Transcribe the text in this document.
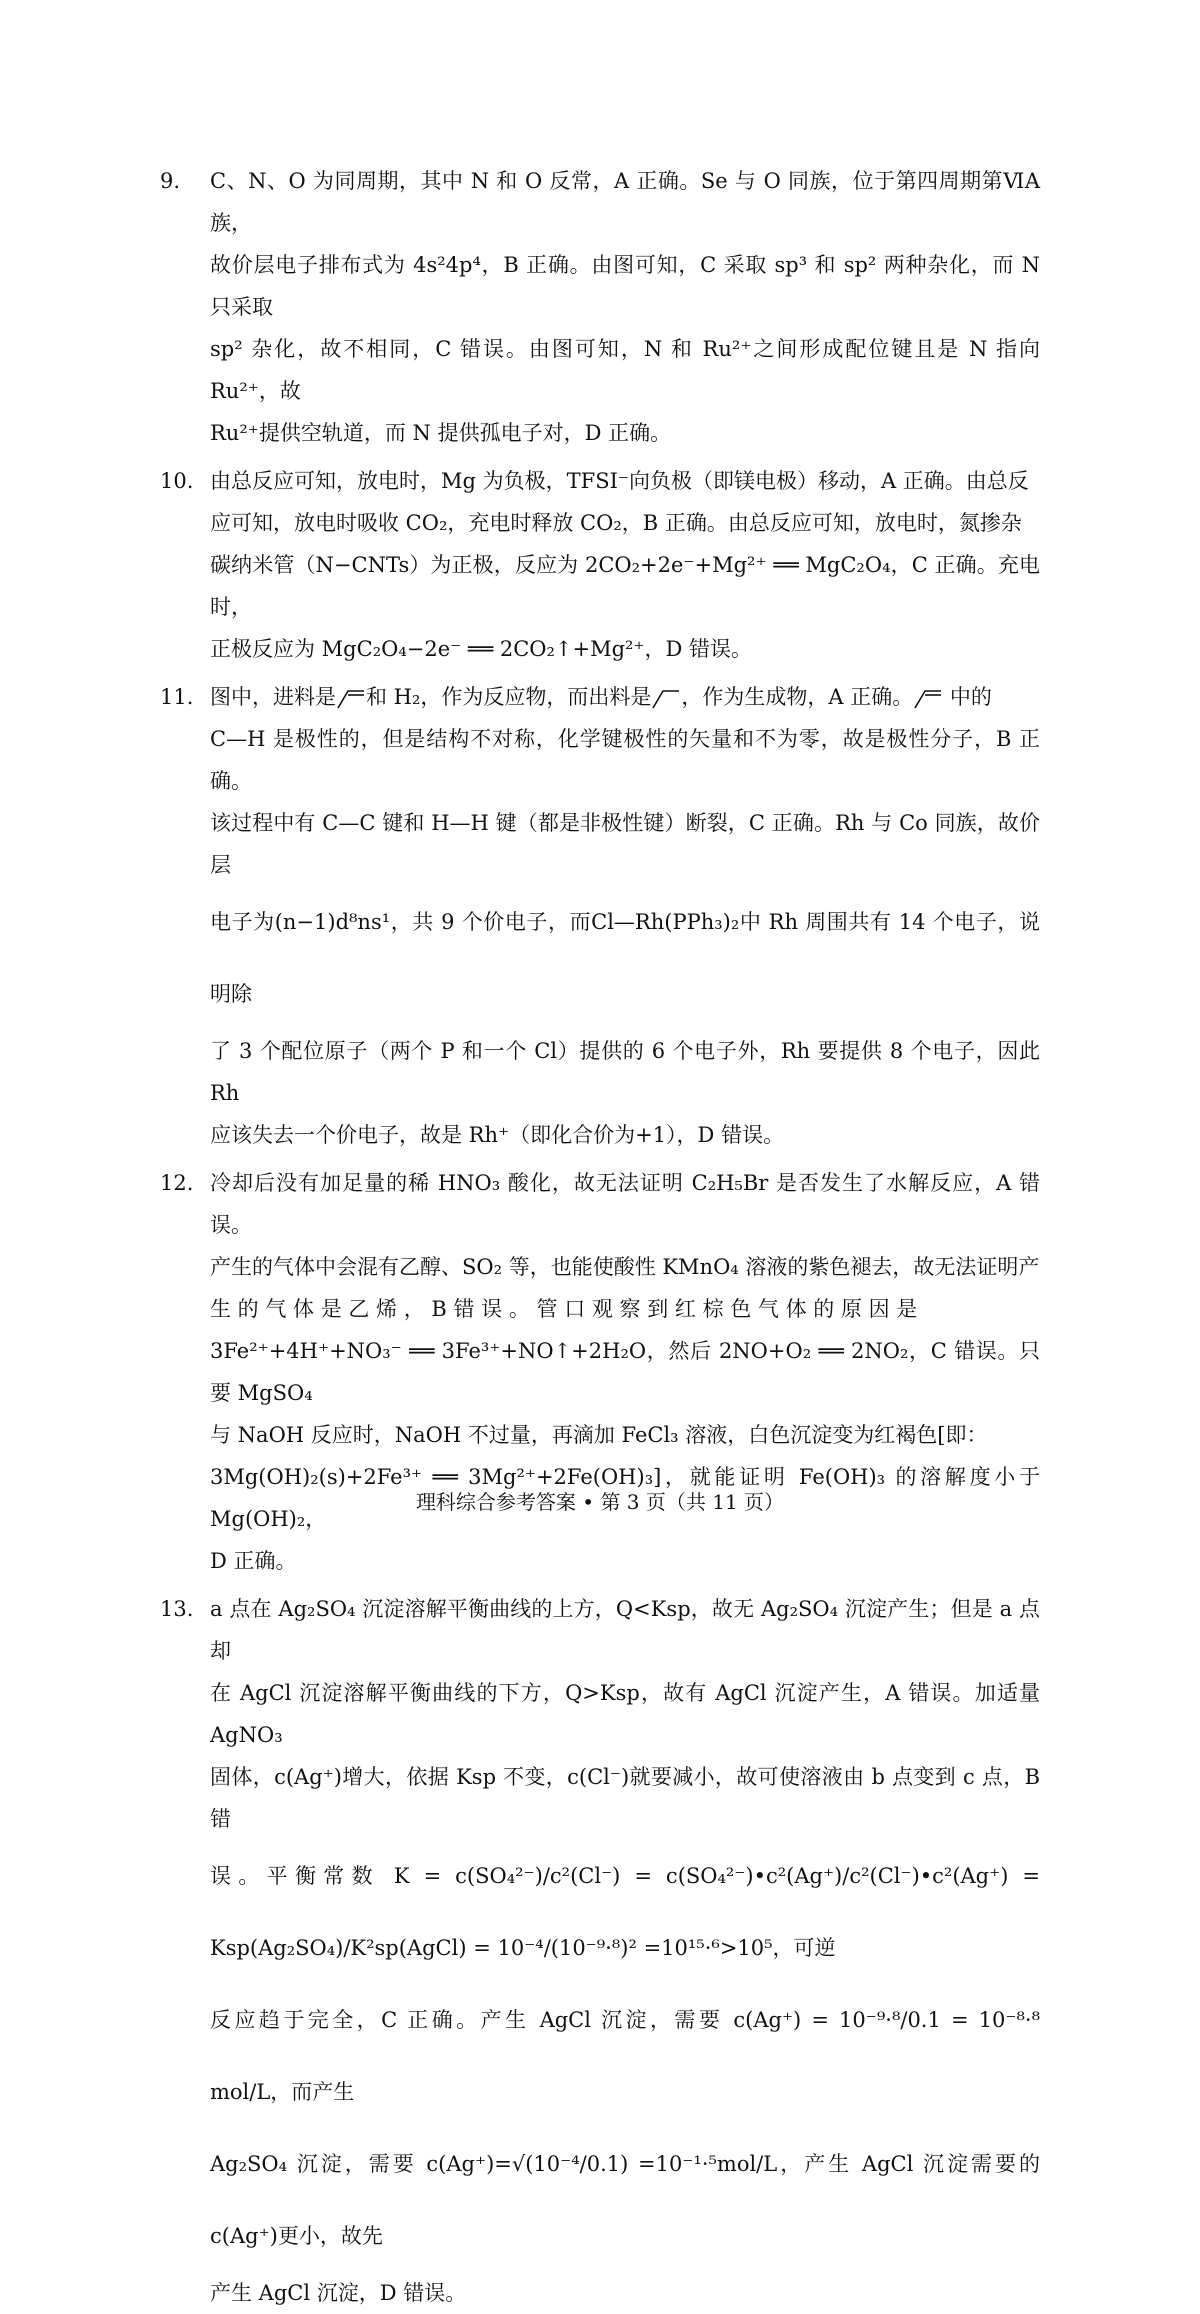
9. C、N、O 为同周期，其中 N 和 O 反常，A 正确。Se 与 O 同族，位于第四周期第ⅥA 族，

故价层电子排布式为 4s²4p⁴，B 正确。由图可知，C 采取 sp³ 和 sp² 两种杂化，而 N 只采取

sp² 杂化，故不相同，C 错误。由图可知，N 和 Ru²⁺之间形成配位键且是 N 指向 Ru²⁺，故

Ru²⁺提供空轨道，而 N 提供孤电子对，D 正确。

10. 由总反应可知，放电时，Mg 为负极，TFSI⁻向负极（即镁电极）移动，A 正确。由总反

应可知，放电时吸收 CO₂，充电时释放 CO₂，B 正确。由总反应可知，放电时，氮掺杂

碳纳米管（N−CNTs）为正极，反应为 2CO₂+2e⁻+Mg²⁺ ══ MgC₂O₄，C 正确。充电时，

正极反应为 MgC₂O₄−2e⁻ ══ 2CO₂↑+Mg²⁺，D 错误。

11. 图中，进料是 和 H₂，作为反应物，而出料是 ，作为生成物，A 正确。 中的

C—H 是极性的，但是结构不对称，化学键极性的矢量和不为零，故是极性分子，B 正确。

该过程中有 C—C 键和 H—H 键（都是非极性键）断裂，C 正确。Rh 与 Co 同族，故价层

电子为(n−1)d⁸ns¹，共 9 个价电子，而Cl—Rh(PPh₃)₂中 Rh 周围共有 14 个电子，说明除

了 3 个配位原子（两个 P 和一个 Cl）提供的 6 个电子外，Rh 要提供 8 个电子，因此 Rh

应该失去一个价电子，故是 Rh⁺（即化合价为+1），D 错误。

12. 冷却后没有加足量的稀 HNO₃ 酸化，故无法证明 C₂H₅Br 是否发生了水解反应，A 错误。

产生的气体中会混有乙醇、SO₂ 等，也能使酸性 KMnO₄ 溶液的紫色褪去，故无法证明产

生 的 气 体 是 乙 烯 ， B 错 误 。 管 口 观 察 到 红 棕 色 气 体 的 原 因 是

3Fe²⁺+4H⁺+NO₃⁻ ══ 3Fe³⁺+NO↑+2H₂O，然后 2NO+O₂ ══ 2NO₂，C 错误。只要 MgSO₄

与 NaOH 反应时，NaOH 不过量，再滴加 FeCl₃ 溶液，白色沉淀变为红褐色[即：

3Mg(OH)₂(s)+2Fe³⁺ ══ 3Mg²⁺+2Fe(OH)₃]，就能证明 Fe(OH)₃ 的溶解度小于 Mg(OH)₂，

D 正确。

13. a 点在 Ag₂SO₄ 沉淀溶解平衡曲线的上方，Q<Ksp，故无 Ag₂SO₄ 沉淀产生；但是 a 点却

在 AgCl 沉淀溶解平衡曲线的下方，Q>Ksp，故有 AgCl 沉淀产生，A 错误。加适量 AgNO₃

固体，c(Ag⁺)增大，依据 Ksp 不变，c(Cl⁻)就要减小，故可使溶液由 b 点变到 c 点，B 错

误。平衡常数 K = c(SO₄²⁻)/c²(Cl⁻) = c(SO₄²⁻)•c²(Ag⁺)/c²(Cl⁻)•c²(Ag⁺) = Ksp(Ag₂SO₄)/K²sp(AgCl) = 10⁻⁴/(10⁻⁹·⁸)² =10¹⁵·⁶>10⁵，可逆

反应趋于完全，C 正确。产生 AgCl 沉淀，需要 c(Ag⁺) = 10⁻⁹·⁸/0.1 = 10⁻⁸·⁸ mol/L，而产生

Ag₂SO₄ 沉淀，需要 c(Ag⁺)=√(10⁻⁴/0.1) =10⁻¹·⁵mol/L，产生 AgCl 沉淀需要的 c(Ag⁺)更小，故先

产生 AgCl 沉淀，D 错误。

理科综合参考答案 • 第 3 页（共 11 页）
